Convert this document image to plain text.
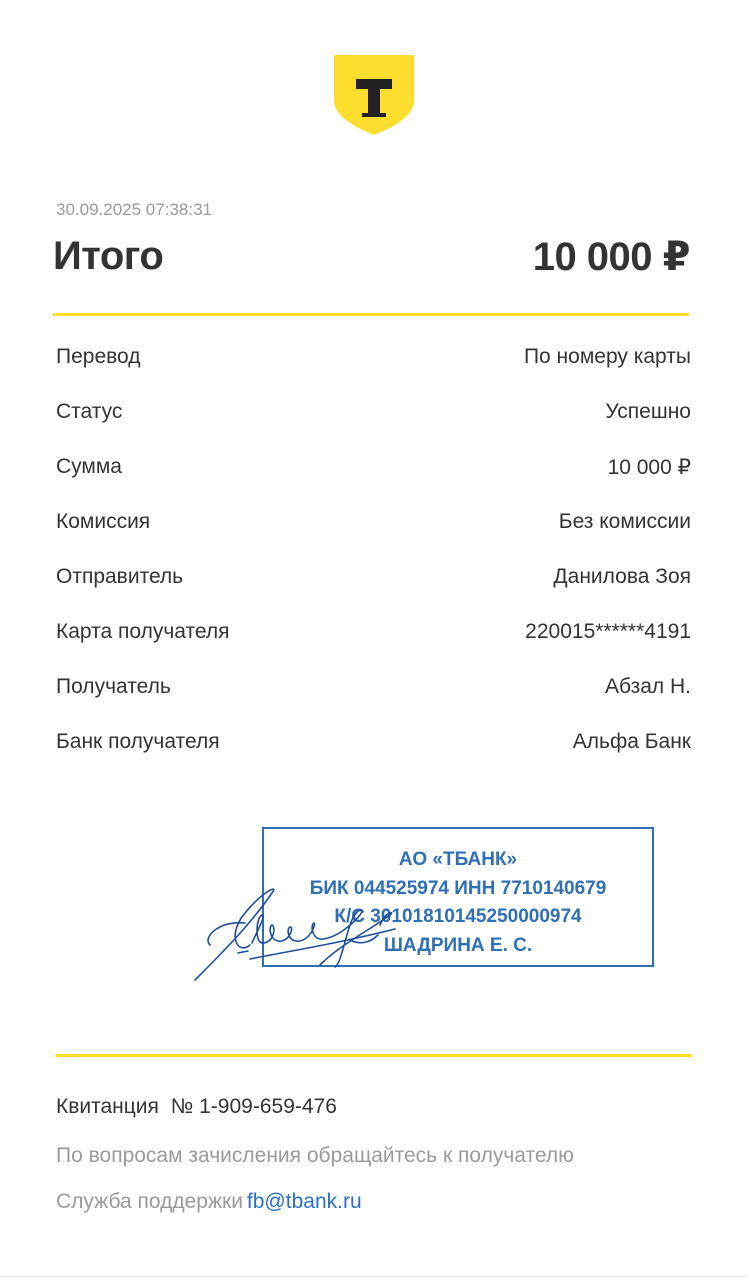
30.09.2025 07:38:31
Итого	10 000 ₽
Перевод	По номеру карты
Статус	Успешно
Сумма	10 000 ₽
Комиссия	Без комиссии
Отправитель	Данилова Зоя
Карта получателя	220015******4191
Получатель	Абзал Н.
Банк получателя	Альфа Банк
АО «ТБАНК»
БИК 044525974 ИНН 7710140679
К/С 30101810145250000974
ШАДРИНА Е. С.
Квитанция № 1-909-659-476
По вопросам зачисления обращайтесь к получателю
Служба поддержки fb@tbank.ru
